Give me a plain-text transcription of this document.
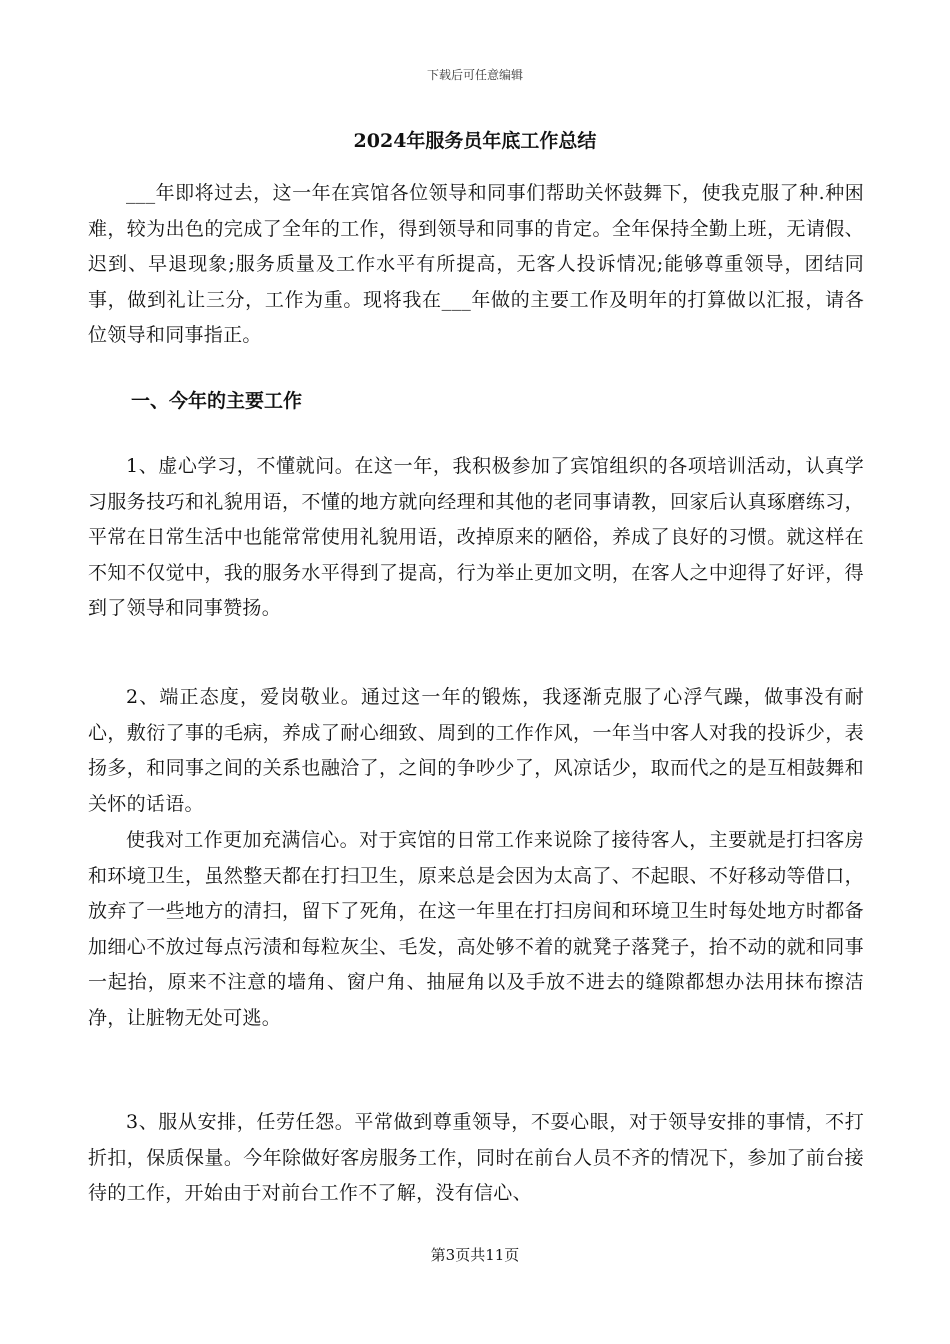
下载后可任意编辑
2024年服务员年底工作总结

___年即将过去，这一年在宾馆各位领导和同事们帮助关怀鼓舞下，使我克服了种.种困难，较为出色的完成了全年的工作，得到领导和同事的肯定。全年保持全勤上班，无请假、迟到、早退现象;服务质量及工作水平有所提高，无客人投诉情况;能够尊重领导，团结同事，做到礼让三分，工作为重。现将我在___年做的主要工作及明年的打算做以汇报，请各位领导和同事指正。

一、今年的主要工作

1、虚心学习，不懂就问。在这一年，我积极参加了宾馆组织的各项培训活动，认真学习服务技巧和礼貌用语，不懂的地方就向经理和其他的老同事请教，回家后认真琢磨练习，平常在日常生活中也能常常使用礼貌用语，改掉原来的陋俗，养成了良好的习惯。就这样在不知不仅觉中，我的服务水平得到了提高，行为举止更加文明，在客人之中迎得了好评，得到了领导和同事赞扬。

2、端正态度，爱岗敬业。通过这一年的锻炼，我逐渐克服了心浮气躁，做事没有耐心，敷衍了事的毛病，养成了耐心细致、周到的工作作风，一年当中客人对我的投诉少，表扬多，和同事之间的关系也融洽了，之间的争吵少了，风凉话少，取而代之的是互相鼓舞和关怀的话语。

使我对工作更加充满信心。对于宾馆的日常工作来说除了接待客人，主要就是打扫客房和环境卫生，虽然整天都在打扫卫生，原来总是会因为太高了、不起眼、不好移动等借口，放弃了一些地方的清扫，留下了死角，在这一年里在打扫房间和环境卫生时每处地方时都备加细心不放过每点污渍和每粒灰尘、毛发，高处够不着的就凳子落凳子，抬不动的就和同事一起抬，原来不注意的墙角、窗户角、抽屉角以及手放不进去的缝隙都想办法用抹布擦洁净，让脏物无处可逃。

3、服从安排，任劳任怨。平常做到尊重领导，不耍心眼，对于领导安排的事情，不打折扣，保质保量。今年除做好客房服务工作，同时在前台人员不齐的情况下，参加了前台接待的工作，开始由于对前台工作不了解，没有信心、

第3页共11页
